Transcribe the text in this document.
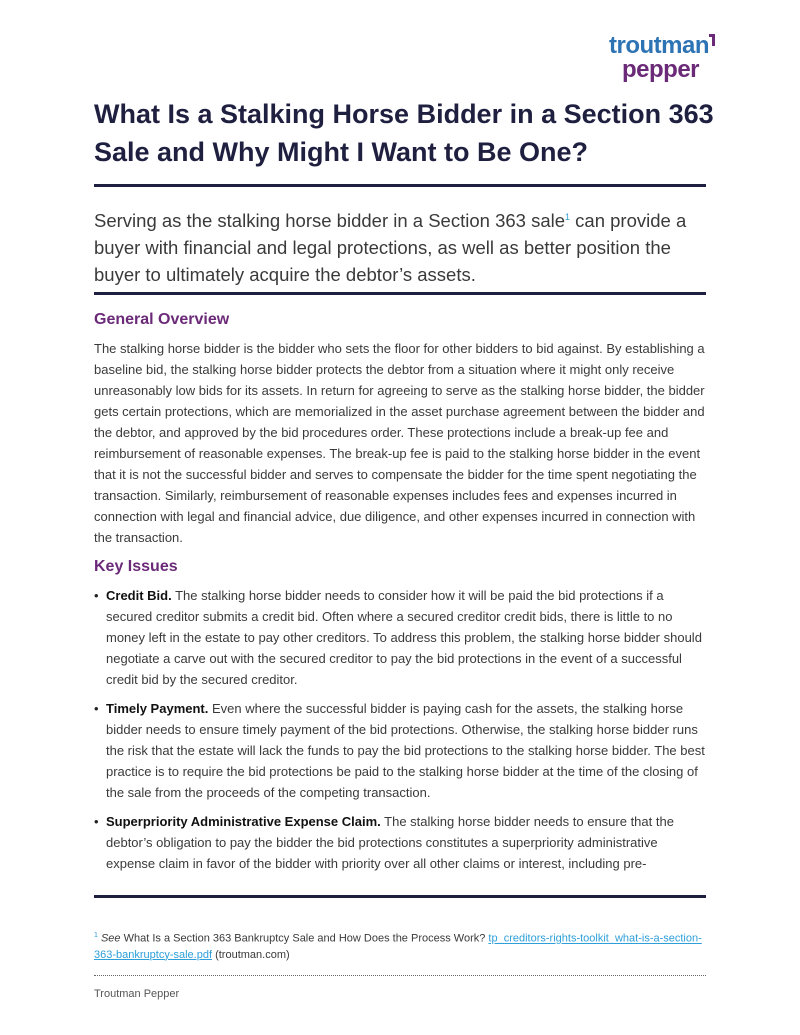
troutman
pepper
What Is a Stalking Horse Bidder in a Section 363 Sale and Why Might I Want to Be One?

Serving as the stalking horse bidder in a Section 363 sale$^1$ can provide a buyer with financial and legal protections, as well as better position the buyer to ultimately acquire the debtor’s assets.

General Overview

The stalking horse bidder is the bidder who sets the floor for other bidders to bid against. By establishing a baseline bid, the stalking horse bidder protects the debtor from a situation where it might only receive unreasonably low bids for its assets. In return for agreeing to serve as the stalking horse bidder, the bidder gets certain protections, which are memorialized in the asset purchase agreement between the bidder and the debtor, and approved by the bid procedures order. These protections include a break-up fee and reimbursement of reasonable expenses. The break-up fee is paid to the stalking horse bidder in the event that it is not the successful bidder and serves to compensate the bidder for the time spent negotiating the transaction. Similarly, reimbursement of reasonable expenses includes fees and expenses incurred in connection with legal and financial advice, due diligence, and other expenses incurred in connection with the transaction.

Key Issues
• Credit Bid. The stalking horse bidder needs to consider how it will be paid the bid protections if a secured creditor submits a credit bid. Often where a secured creditor credit bids, there is little to no money left in the estate to pay other creditors. To address this problem, the stalking horse bidder should negotiate a carve out with the secured creditor to pay the bid protections in the event of a successful credit bid by the secured creditor.
• Timely Payment. Even where the successful bidder is paying cash for the assets, the stalking horse bidder needs to ensure timely payment of the bid protections. Otherwise, the stalking horse bidder runs the risk that the estate will lack the funds to pay the bid protections to the stalking horse bidder. The best practice is to require the bid protections be paid to the stalking horse bidder at the time of the closing of the sale from the proceeds of the competing transaction.
• Superpriority Administrative Expense Claim. The stalking horse bidder needs to ensure that the debtor’s obligation to pay the bidder the bid protections constitutes a superpriority administrative expense claim in favor of the bidder with priority over all other claims or interest, including pre-
$^1$ See What Is a Section 363 Bankruptcy Sale and How Does the Process Work? tp_creditors-rights-toolkit_what-is-a-section-363-bankruptcy-sale.pdf (troutman.com)
Troutman Pepper
